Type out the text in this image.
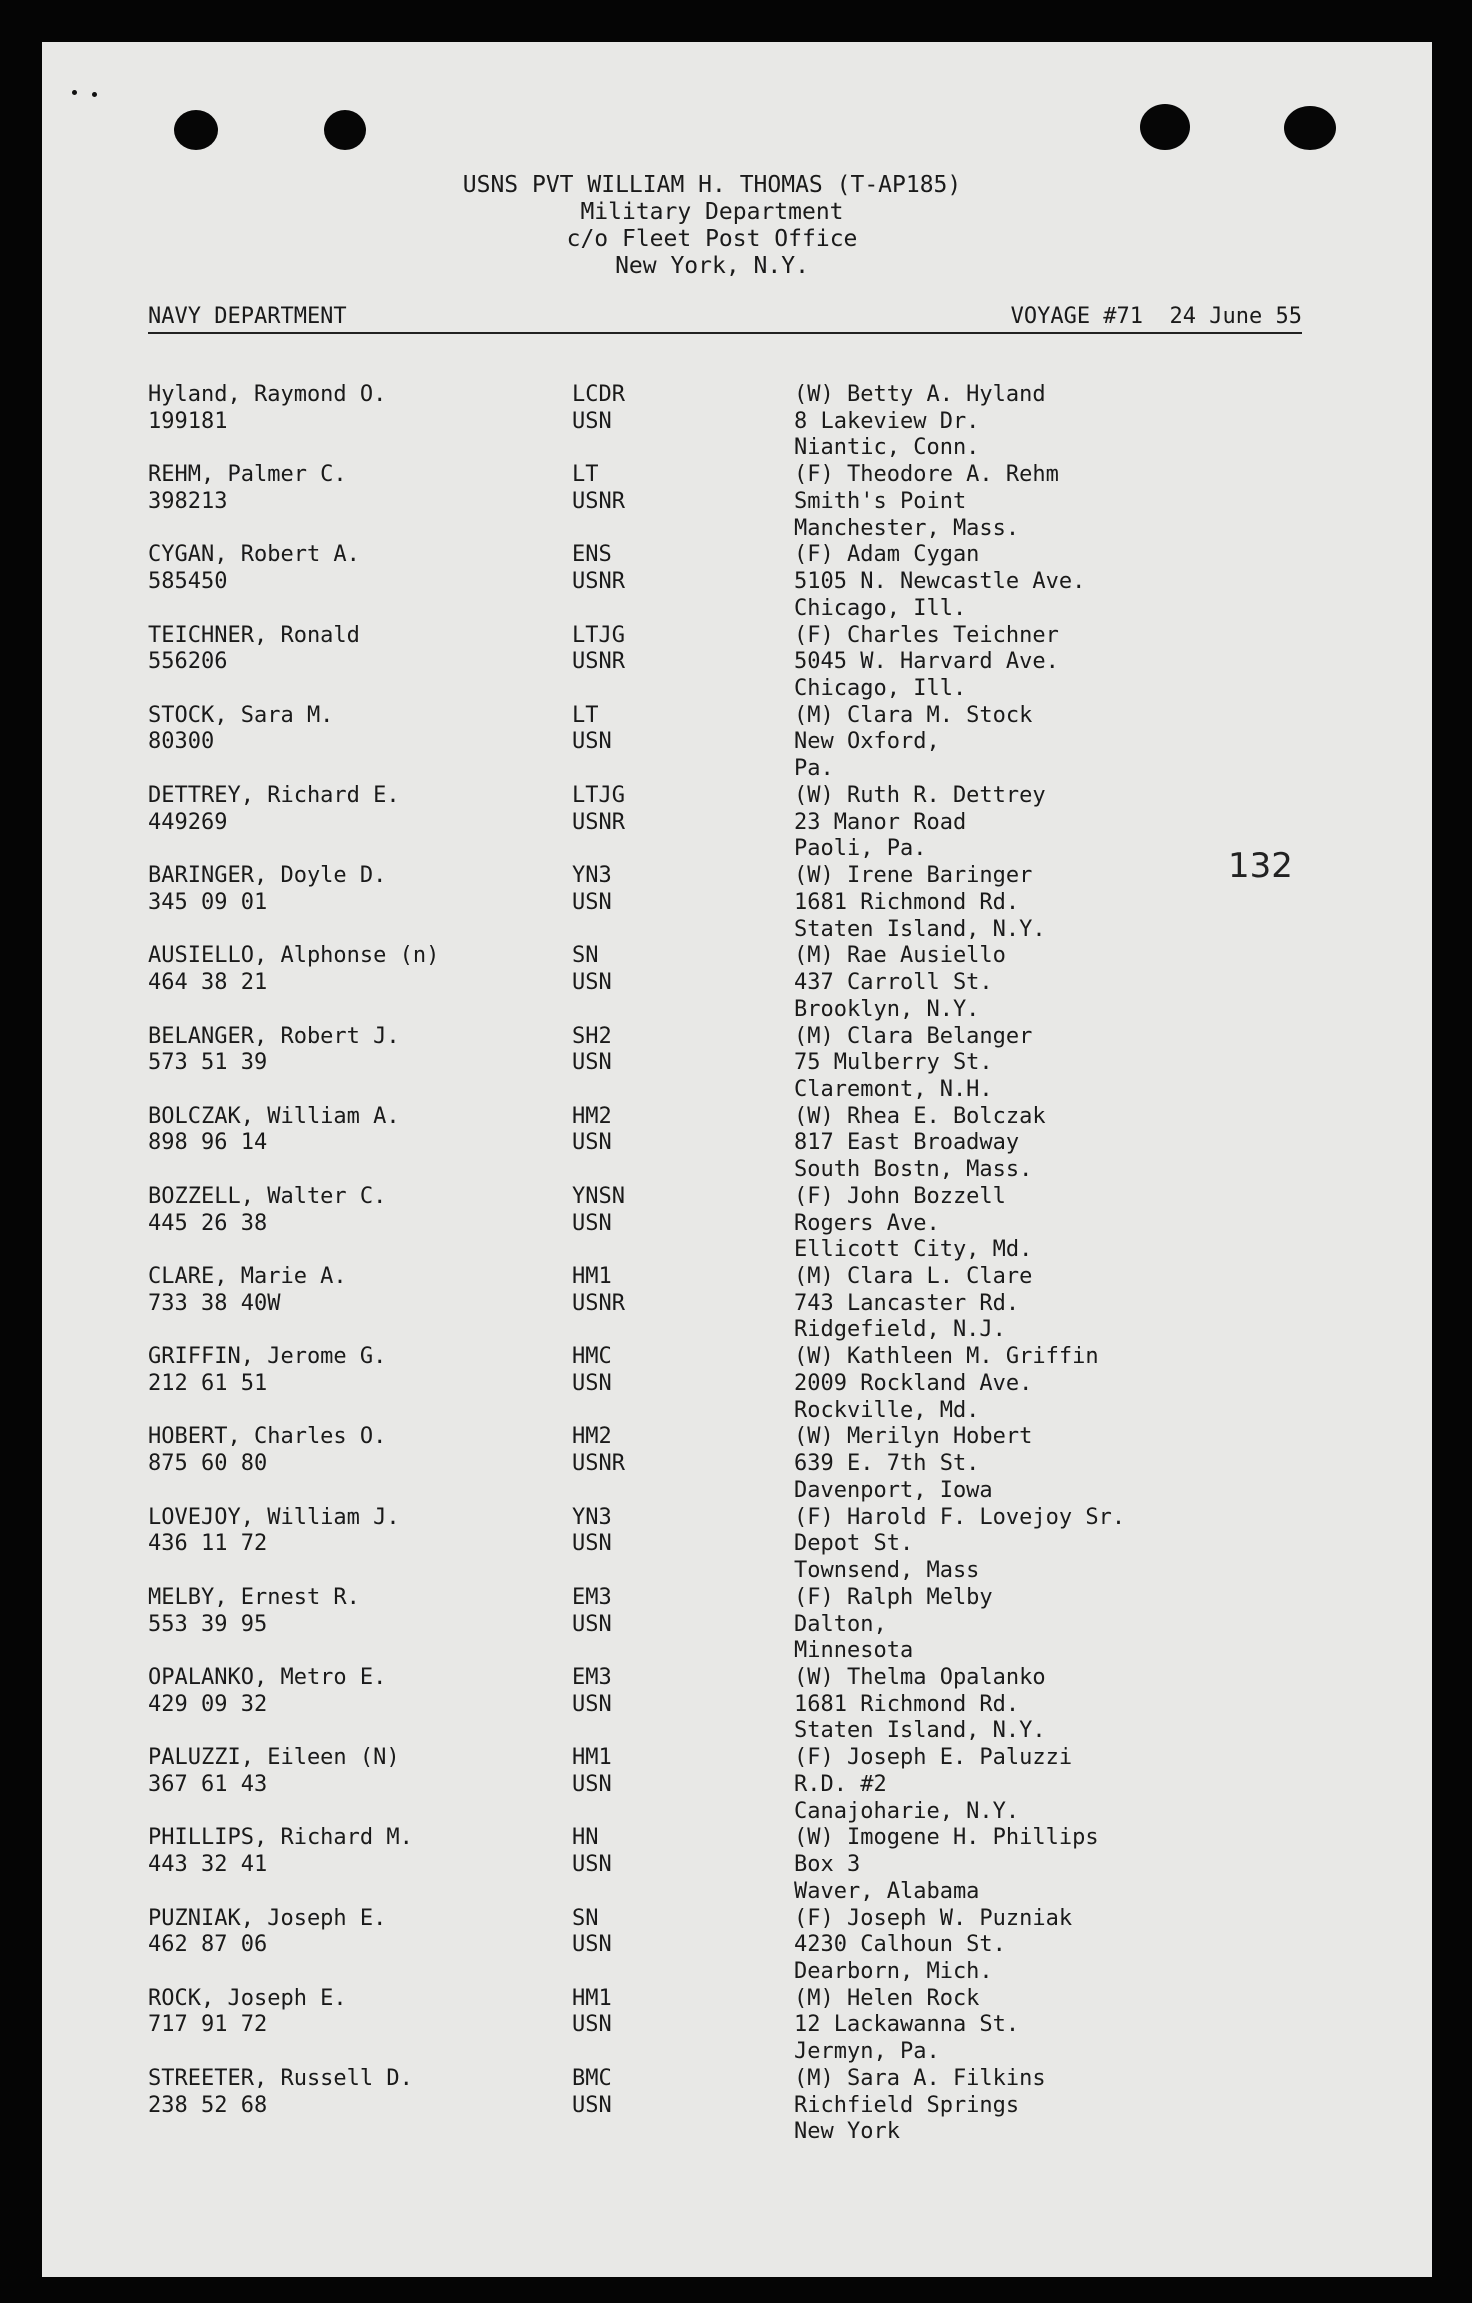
USNS PVT WILLIAM H. THOMAS (T-AP185)
Military Department
c/o Fleet Post Office
New York, N.Y.
NAVY DEPARTMENT	VOYAGE #71  24 June 55
132
Hyland, Raymond O.
199181
LCDR
USN
(W) Betty A. Hyland
8 Lakeview Dr.
Niantic, Conn.
REHM, Palmer C.
398213
LT
USNR
(F) Theodore A. Rehm
Smith's Point
Manchester, Mass.
CYGAN, Robert A.
585450
ENS
USNR
(F) Adam Cygan
5105 N. Newcastle Ave.
Chicago, Ill.
TEICHNER, Ronald
556206
LTJG
USNR
(F) Charles Teichner
5045 W. Harvard Ave.
Chicago, Ill.
STOCK, Sara M.
80300
LT
USN
(M) Clara M. Stock
New Oxford,
Pa.
DETTREY, Richard E.
449269
LTJG
USNR
(W) Ruth R. Dettrey
23 Manor Road
Paoli, Pa.
BARINGER, Doyle D.
345 09 01
YN3
USN
(W) Irene Baringer
1681 Richmond Rd.
Staten Island, N.Y.
AUSIELLO, Alphonse (n)
464 38 21
SN
USN
(M) Rae Ausiello
437 Carroll St.
Brooklyn, N.Y.
BELANGER, Robert J.
573 51 39
SH2
USN
(M) Clara Belanger
75 Mulberry St.
Claremont, N.H.
BOLCZAK, William A.
898 96 14
HM2
USN
(W) Rhea E. Bolczak
817 East Broadway
South Bostn, Mass.
BOZZELL, Walter C.
445 26 38
YNSN
USN
(F) John Bozzell
Rogers Ave.
Ellicott City, Md.
CLARE, Marie A.
733 38 40W
HM1
USNR
(M) Clara L. Clare
743 Lancaster Rd.
Ridgefield, N.J.
GRIFFIN, Jerome G.
212 61 51
HMC
USN
(W) Kathleen M. Griffin
2009 Rockland Ave.
Rockville, Md.
HOBERT, Charles O.
875 60 80
HM2
USNR
(W) Merilyn Hobert
639 E. 7th St.
Davenport, Iowa
LOVEJOY, William J.
436 11 72
YN3
USN
(F) Harold F. Lovejoy Sr.
Depot St.
Townsend, Mass
MELBY, Ernest R.
553 39 95
EM3
USN
(F) Ralph Melby
Dalton,
Minnesota
OPALANKO, Metro E.
429 09 32
EM3
USN
(W) Thelma Opalanko
1681 Richmond Rd.
Staten Island, N.Y.
PALUZZI, Eileen (N)
367 61 43
HM1
USN
(F) Joseph E. Paluzzi
R.D. #2
Canajoharie, N.Y.
PHILLIPS, Richard M.
443 32 41
HN
USN
(W) Imogene H. Phillips
Box 3
Waver, Alabama
PUZNIAK, Joseph E.
462 87 06
SN
USN
(F) Joseph W. Puzniak
4230 Calhoun St.
Dearborn, Mich.
ROCK, Joseph E.
717 91 72
HM1
USN
(M) Helen Rock
12 Lackawanna St.
Jermyn, Pa.
STREETER, Russell D.
238 52 68
BMC
USN
(M) Sara A. Filkins
Richfield Springs
New York
